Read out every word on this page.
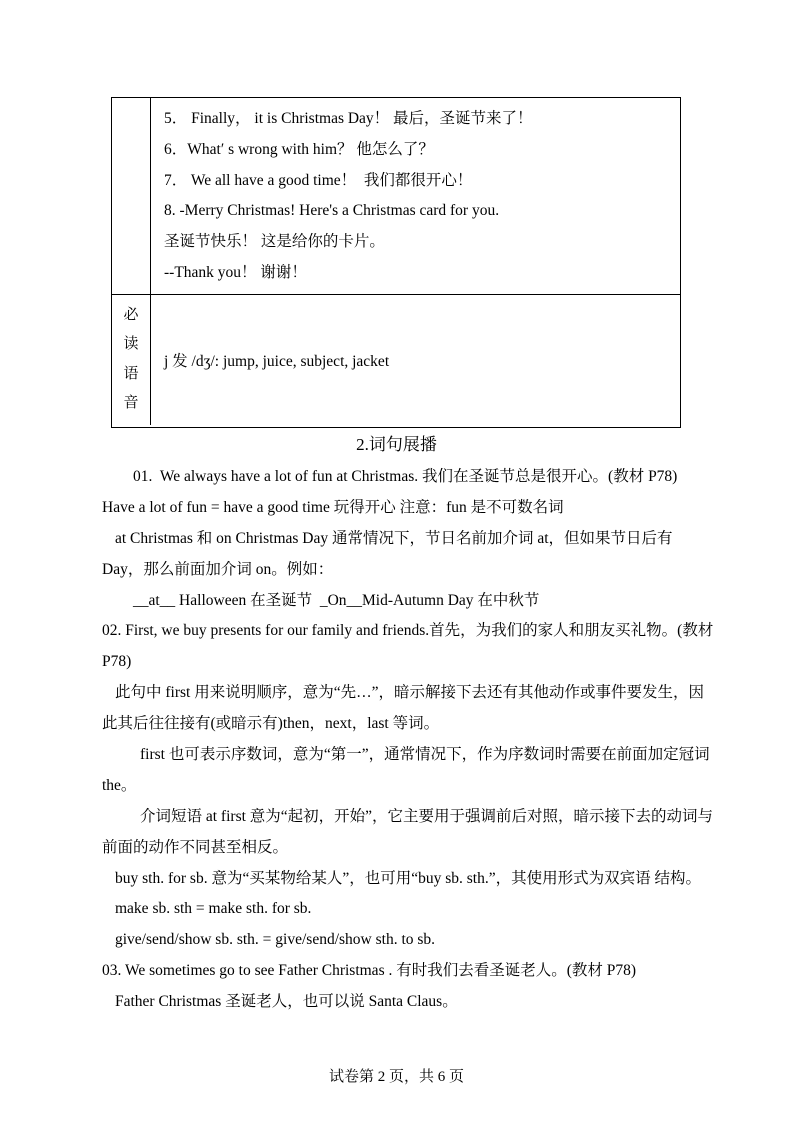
5． Finally， it is Christmas Day！ 最后，圣诞节来了！
6．What′ s wrong with him？ 他怎么了？
7． We all have a good time！  我们都很开心！
8. -Merry Christmas! Here's a Christmas card for you.
圣诞节快乐！ 这是给你的卡片。
--Thank you！ 谢谢！
必
读
语
音
j 发 /dʒ/: jump, juice, subject, jacket
2.词句展播
01.  We always have a lot of fun at Christmas. 我们在圣诞节总是很开心。(教材 P78)
Have a lot of fun = have a good time 玩得开心 注意：fun 是不可数名词
at Christmas 和 on Christmas Day 通常情况下，节日名前加介词 at，但如果节日后有
Day，那么前面加介词 on。例如：
__at__ Halloween 在圣诞节  _On__Mid-Autumn Day 在中秋节
02. First, we buy presents for our family and friends.首先，为我们的家人和朋友买礼物。(教材
P78)
此句中 first 用来说明顺序，意为“先…”，暗示解接下去还有其他动作或事件要发生，因
此其后往往接有(或暗示有)then，next，last 等词。
first 也可表示序数词，意为“第一”，通常情况下，作为序数词时需要在前面加定冠词
the。
介词短语 at first 意为“起初，开始”，它主要用于强调前后对照，暗示接下去的动词与
前面的动作不同甚至相反。
buy sth. for sb. 意为“买某物给某人”，也可用“buy sb. sth.”，其使用形式为双宾语 结构。
make sb. sth = make sth. for sb.
give/send/show sb. sth. = give/send/show sth. to sb.
03. We sometimes go to see Father Christmas . 有时我们去看圣诞老人。(教材 P78)
Father Christmas 圣诞老人，也可以说 Santa Claus。
试卷第 2 页，共 6 页
